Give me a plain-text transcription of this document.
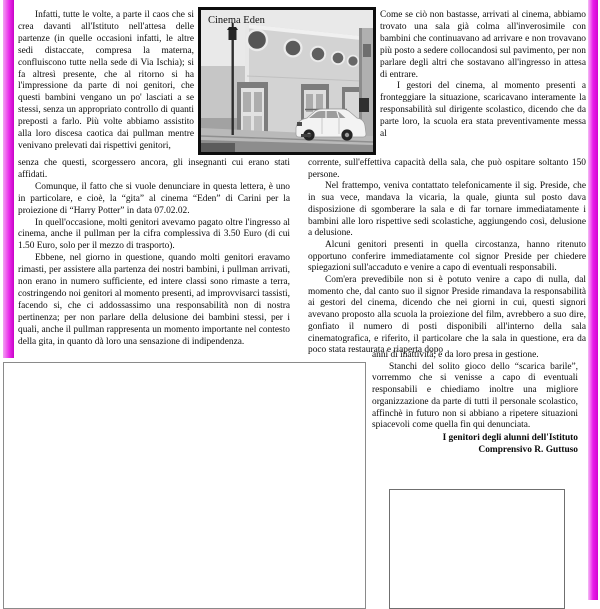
Infatti, tutte le volte, a parte il caos che si crea davanti all'Istituto nell'attesa delle partenze (in quelle occasioni infatti, le altre sedi distaccate, compresa la materna, confluiscono tutte nella sede di Via Ischia); si fa altresì presente, che al ritorno si ha l'impressione da parte di noi genitori, che questi bambini vengano un po' lasciati a se stessi, senza un appropriato controllo di quanti preposti a farlo. Più volte abbiamo assistito alla loro discesa caotica dai pullman mentre venivano prelevati dai rispettivi genitori,

Cinema Eden	Come se ciò non bastasse, arrivati al cinema, abbiamo trovato una sala già colma all'inverosimile con bambini che continuavano ad arrivare e non trovavano più posto a sedere collocandosi sul pavimento, per non parlare degli altri che sostavano all'ingresso in attesa di entrare.

I gestori del cinema, al momento presenti a fronteggiare la situazione, scaricavano interamente la responsabilità sul dirigente scolastico, dicendo che da parte loro, la scuola era stata preventivamente messa al

senza che questi, scorgessero ancora, gli insegnanti cui erano stati affidati.

Comunque, il fatto che si vuole denunciare in questa lettera, è uno in particolare, e cioè, la “gita” al cinema “Eden” di Carini per la proiezione di “Harry Potter” in data 07.02.02.

In quell'occasione, molti genitori avevamo pagato oltre l'ingresso al cinema, anche il pullman per la cifra complessiva di 3.50 Euro (di cui 1.50 Euro, solo per il mezzo di trasporto).

Ebbene, nel giorno in questione, quando molti genitori eravamo rimasti, per assistere alla partenza dei nostri bambini, i pullman arrivati, non erano in numero sufficiente, ed intere classi sono rimaste a terra, costringendo noi genitori al momento presenti, ad improvvisarci tassisti, facendo si, che ci addossassimo una responsabilità non di nostra pertinenza; per non parlare della delusione dei bambini stessi, per i quali, anche il pullman rappresenta un momento importante nel contesto della gita, in quanto dà loro una sensazione di indipendenza.

corrente, sull'effettiva capacità della sala, che può ospitare soltanto 150 persone.

Nel frattempo, veniva contattato telefonicamente il sig. Preside, che in sua vece, mandava la vicaria, la quale, giunta sul posto dava disposizione di sgomberare la sala e di far tornare immediatamente i bambini alle loro rispettive sedi scolastiche, aggiungendo così, delusione a delusione.

Alcuni genitori presenti in quella circostanza, hanno ritenuto opportuno conferire immediatamente col signor Preside per chiedere spiegazioni sull'accaduto e venire a capo di eventuali responsabili.

Com'era prevedibile non si è potuto venire a capo di nulla, dal momento che, dal canto suo il signor Preside rimandava la responsabilità ai gestori del cinema, dicendo che nei giorni in cui, questi signori avevano proposto alla scuola la proiezione del film, avrebbero a suo dire, gonfiato il numero di posti disponibili all'interno della sala cinematografica, e riferito, il particolare che la sala in questione, era da poco stata restaurata e riaperta dopo

anni di inattività, e da loro presa in gestione.

Stanchi del solito gioco dello “scarica barile”, vorremmo che si venisse a capo di eventuali responsabili e chiediamo inoltre una migliore organizzazione da parte di tutti il personale scolastico, affinchè in futuro non si abbiano a ripetere situazioni spiacevoli come quella fin qui denunciata.

I genitori degli alunni dell'Istituto
Comprensivo R. Guttuso
